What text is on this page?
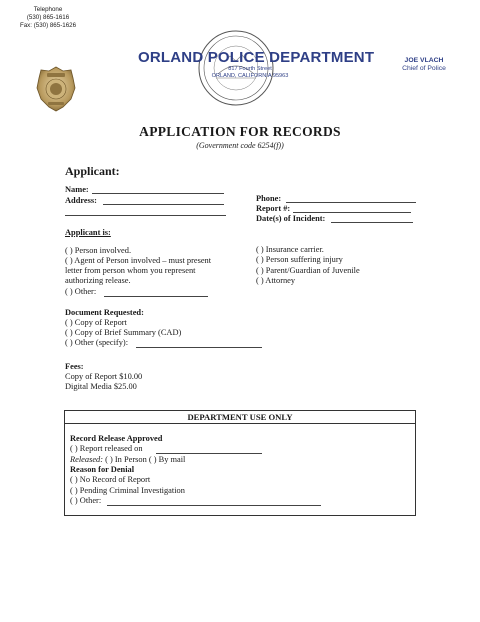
Telephone
(530) 865-1616
Fax: (530) 865-1626
ORLAND POLICE DEPARTMENT
817 Fourth Street
ORLAND, CALIFORNIA 95963
JOE VLACH
Chief of Police
APPLICATION FOR RECORDS
(Government code 6254(f))
Applicant:
Name:
Address:	Phone:
Report #:
Date(s) of Incident:
Applicant is:
( ) Person involved.
( ) Agent of Person involved – must present
letter from person whom you represent
authorizing release.
( ) Other:
( ) Insurance carrier.
( ) Person suffering injury
( ) Parent/Guardian of Juvenile
( ) Attorney
Document Requested:
( ) Copy of Report
( ) Copy of Brief Summary (CAD)
( ) Other (specify):
Fees:
Copy of Report $10.00
Digital Media $25.00
DEPARTMENT USE ONLY
Record Release Approved
( ) Report released on
Released: ( ) In Person ( ) By mail
Reason for Denial
( ) No Record of Report
( ) Pending Criminal Investigation
( ) Other:
